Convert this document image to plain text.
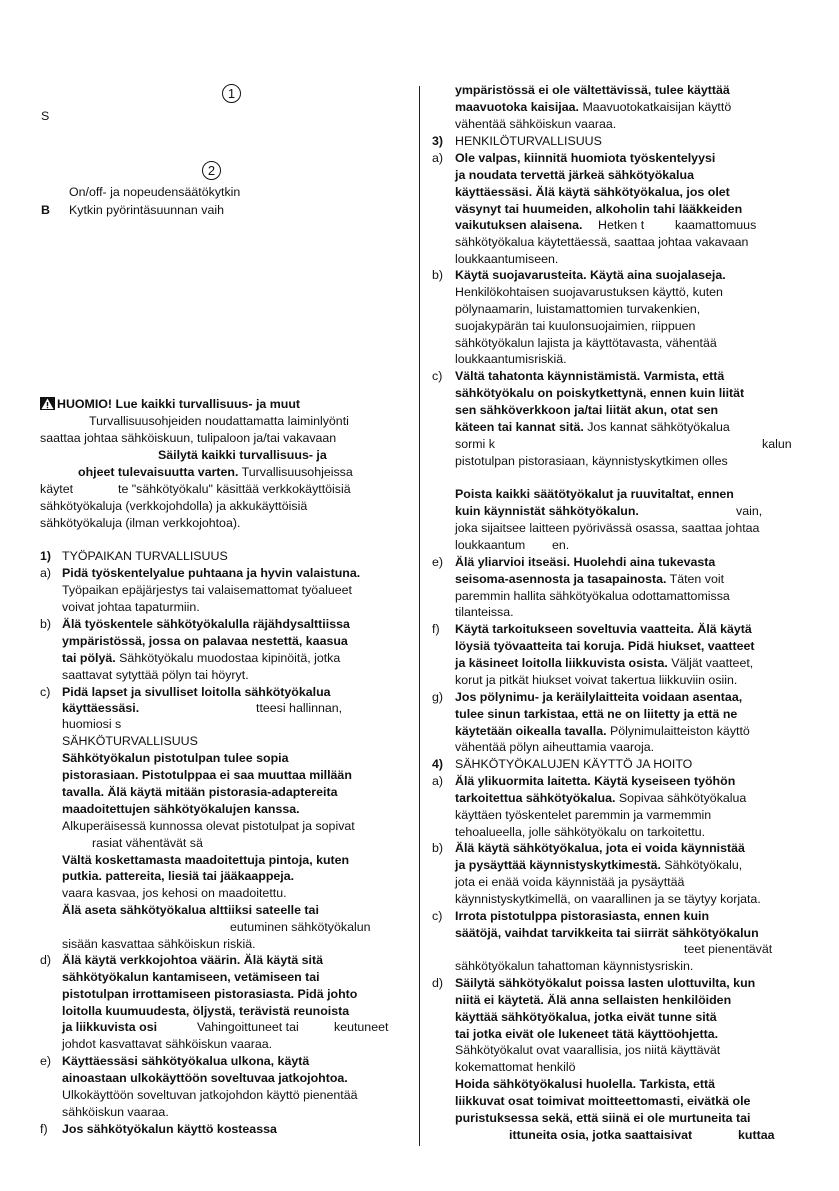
1
S
2
On/off- ja nopeudensäätökytkin
B Kytkin pyörintäsuunnan vaih
HUOMIO! Lue kaikki turvallisuus- ja muut
Turvallisuusohjeiden noudattamatta laiminlyönti
saattaa johtaa sähköiskuun, tulipaloon ja/tai vakavaan
Säilytä kaikki turvallisuus- ja
ohjeet tulevaisuutta varten. Turvallisuusohjeissa
käytet	te "sähkötyökalu" käsittää verkkokäyttöisiä
sähkötyökaluja (verkkojohdolla) ja akkukäyttöisiä
sähkötyökaluja (ilman verkkojohtoa).
1) TYÖPAIKAN TURVALLISUUS
a) Pidä työskentelyalue puhtaana ja hyvin valaistuna.
Työpaikan epäjärjestys tai valaisemattomat työalueet
voivat johtaa tapaturmiin.
b) Älä työskentele sähkötyökalulla räjähdysalttiissa
ympäristössä, jossa on palavaa nestettä, kaasua
tai pölyä. Sähkötyökalu muodostaa kipinöitä, jotka
saattavat sytyttää pölyn tai höyryt.
c) Pidä lapset ja sivulliset loitolla sähkötyökalua
käyttäessäsi.	tteesi hallinnan,
huomiosi s
SÄHKÖTURVALLISUUS
Sähkötyökalun pistotulpan tulee sopia
pistorasiaan. Pistotulppaa ei saa muuttaa millään
tavalla. Älä käytä mitään pistorasia-adaptereita
maadoitettujen sähkötyökalujen kanssa.
Alkuperäisessä kunnossa olevat pistotulpat ja sopivat
rasiat vähentävät sä
Vältä koskettamasta maadoitettuja pintoja, kuten
putkia. pattereita, liesiä tai jääkaappeja.
vaara kasvaa, jos kehosi on maadoitettu.
Älä aseta sähkötyökalua alttiiksi sateelle tai
eutuminen sähkötyökalun
sisään kasvattaa sähköiskun riskiä.
d) Älä käytä verkkojohtoa väärin. Älä käytä sitä
sähkötyökalun kantamiseen, vetämiseen tai
pistotulpan irrottamiseen pistorasiasta. Pidä johto
loitolla kuumuudesta, öljystä, terävistä reunoista
ja liikkuvista osi	Vahingoittuneet tai	keutuneet
johdot kasvattavat sähköiskun vaaraa.
e) Käyttäessäsi sähkötyökalua ulkona, käytä
ainoastaan ulkokäyttöön soveltuvaa jatkojohtoa.
Ulkokäyttöön soveltuvan jatkojohdon käyttö pienentää
sähköiskun vaaraa.
f) Jos sähkötyökalun käyttö kosteassa
ympäristössä ei ole vältettävissä, tulee käyttää
maavuotoka kaisijaa. Maavuotokatkaisijan käyttö
vähentää sähköiskun vaaraa.
3) HENKILÖTURVALLISUUS
a) Ole valpas, kiinnitä huomiota työskentelyysi
ja noudata tervettä järkeä sähkötyökalua
käyttäessäsi. Älä käytä sähkötyökalua, jos olet
väsynyt tai huumeiden, alkoholin tahi lääkkeiden
vaikutuksen alaisena. Hetken t kaamattomuus
sähkötyökalua käytettäessä, saattaa johtaa vakavaan
loukkaantumiseen.
b) Käytä suojavarusteita. Käytä aina suojalaseja.
Henkilökohtaisen suojavarustuksen käyttö, kuten
pölynaamarin, luistamattomien turvakenkien,
suojakypärän tai kuulonsuojaimien, riippuen
sähkötyökalun lajista ja käyttötavasta, vähentää
loukkaantumisriskiä.
c) Vältä tahatonta käynnistämistä. Varmista, että
sähkötyökalu on poiskytkettynä, ennen kuin liität
sen sähköverkkoon ja/tai liität akun, otat sen
käteen tai kannat sitä. Jos kannat sähkötyökalua
sormi k	kalun
pistotulpan pistorasiaan, käynnistyskytkimen olles
Poista kaikki säätötyökalut ja ruuvitaltat, ennen
kuin käynnistät sähkötyökalun.	vain,
joka sijaitsee laitteen pyörivässä osassa, saattaa johtaa
loukkaantum en.
e) Älä yliarvioi itseäsi. Huolehdi aina tukevasta
seisoma-asennosta ja tasapainosta. Täten voit
paremmin hallita sähkötyökalua odottamattomissa
tilanteissa.
f) Käytä tarkoitukseen soveltuvia vaatteita. Älä käytä
löysiä työvaatteita tai koruja. Pidä hiukset, vaatteet
ja käsineet loitolla liikkuvista osista. Väljät vaatteet,
korut ja pitkät hiukset voivat takertua liikkuviin osiin.
g) Jos pölynimu- ja keräilylaitteita voidaan asentaa,
tulee sinun tarkistaa, että ne on liitetty ja että ne
käytetään oikealla tavalla. Pölynimulaitteiston käyttö
vähentää pölyn aiheuttamia vaaroja.
4) SÄHKÖTYÖKALUJEN KÄYTTÖ JA HOITO
a) Älä ylikuormita laitetta. Käytä kyseiseen työhön
tarkoitettua sähkötyökalua. Sopivaa sähkötyökalua
käyttäen työskentelet paremmin ja varmemmin
tehoalueella, jolle sähkötyökalu on tarkoitettu.
b) Älä käytä sähkötyökalua, jota ei voida käynnistää
ja pysäyttää käynnistyskytkimestä. Sähkötyökalu,
jota ei enää voida käynnistää ja pysäyttää
käynnistyskytkimellä, on vaarallinen ja se täytyy korjata.
c) Irrota pistotulppa pistorasiasta, ennen kuin
säätöjä, vaihdat tarvikkeita tai siirrät sähkötyökalun
teet pienentävät
sähkötyökalun tahattoman käynnistysriskin.
d) Säilytä sähkötyökalut poissa lasten ulottuvilta, kun
niitä ei käytetä. Älä anna sellaisten henkilöiden
käyttää sähkötyökalua, jotka eivät tunne sitä
tai jotka eivät ole lukeneet tätä käyttöohjetta.
Sähkötyökalut ovat vaarallisia, jos niitä käyttävät
kokemattomat henkilö
Hoida sähkötyökalusi huolella. Tarkista, että
liikkuvat osat toimivat moitteettomasti, eivätkä ole
puristuksessa sekä, että siinä ei ole murtuneita tai
ittuneita osia, jotka saattaisivat	kuttaa
